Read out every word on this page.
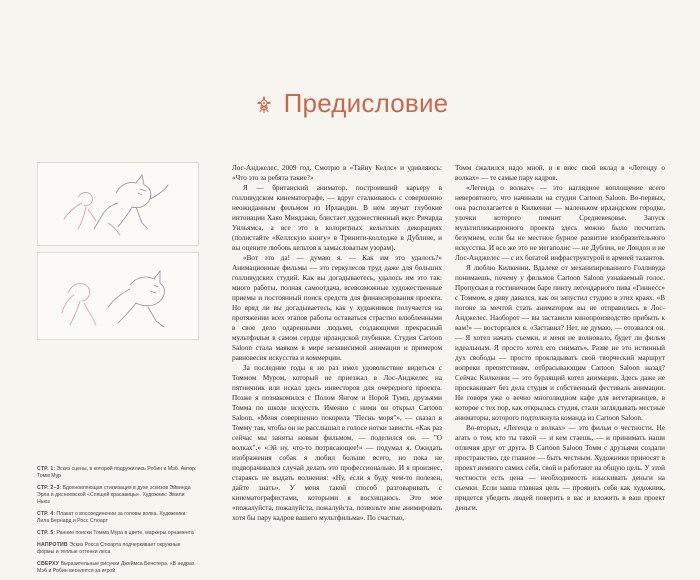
Предисловие

СТР. 1: Эскиз сцены, в которой подружились Робин и Мэб. Автор: Томм Мур

СТР. 2–3: Вдохновляющая стилизация в духе эскизов Эйвинда Эрла и диснеевской «Спящей красавицы». Художник: Эмили Ньюз

СТР. 4: Плакат о воссоединении за головы волка. Художники: Лила Бернард и Росс Стюарт

СТР. 5: Ранние поиски Томма Мура в цвете, маркеры орнамента

НАПРОТИВ Эскиз Росса Стюарта подчеркивает окружные формы и теплые оттенки леса

СВЕРХУ Выразительные рисунки Джеймса Бенстера. «В недрах Мэб и Робин веселятся за игрой

Лос-Анджелес, 2009 год. Смотрю в «Тайну Келлс» и удивляюсь: «Что это за ребята такие?»

Я — британский аниматор, построивший карьеру в голливудском кинематографе, — вдруг сталкиваюсь с совершенно неожиданным фильмом из Ирландии. В нем звучат глубокие интонации Хаяо Миядзаки, блистает художественный вкус Ричарда Уильямса, а все это в колоритных кельтских декорациях (полистайте «Келлскую книгу» в Тринити-колледже в Дублине, и вы оцените любовь кельтов к замысловатым узорам).

«Вот это да! — думаю я. — Как им это удалось?» Анимационные фильмы — это геркулесов труд даже для больших голливудских студий. Как вы догадываетесь, удалось им это так: много работы, полная самоотдача, всевозможные художественные приемы и постоянный поиск средств для финансирования проекта. Но вряд ли вы догадываетесь, как у художников получается на протяжении всех этапов работы оставаться страстно влюбленными в свое дело одаренными людьми, создающими прекрасный мультфильм в самом сердце ирландской глубинки. Студия Cartoon Saloon стала маяком в мире независимой анимации и примером равновесия искусства и коммерции.

За последние годы я не раз имел удовольствие видеться с Томмом Муром, который не приезжал в Лос-Анджелес на пятничник или искал здесь инвесторов для очередного проекта. Позже я познакомился с Полом Янгом и Норой Тумп, друзьями Томма по школе искусств. Именно с ними он открыл Cartoon Saloon. «Меня совершенно покорила "Песнь моря"», — сказал я Томму так, чтобы он не расслышал в голосе нотки зависти. «Как раз сейчас мы заняты новым фильмом, — поделился он. — "О волках".» «Эй ну, что-то потрясающее!» — подумал я. Ожидать изображения собак я любил больше всего, но пока не подворачивался случай делать это профессионально. И я произнес, стараясь не выдать волнения: «Ну, если я буду чем-то полезен, дайте знать». У меня такой способ разговаривать с кинематографистами, которыми я восхищаюсь. Это мое «пожалуйста, пожалуйста, пожалуйста, позвольте мне анимировать хотя бы пару кадров вашего мультфильма». По счастью,

Томм сжалился надо мной, и я внес свой вклад в «Легенду о волках» — те самые пару кадров.

«Легенда о волках» — это наглядное воплощение всего невероятного, что начинали на студии Cartoon Saloon. Во-первых, она располагается в Килкенни — маленьком ирландском городке, улочки которого помнит Средневековье. Запуск мультипликационного проекта здесь можно было посчитать безумием, если бы не местное бурное развитие изобразительного искусства. И все же это не мегаполис — не Дублин, не Лондон и не Лос-Анджелес — с их богатой инфраструктурой и армией талантов.

Я люблю Килкенни. Вдалеке от механизированного Голливуда понимаешь, почему у фильмов Cartoon Saloon узнаваемый голос. Пропуская в гостиничном баре пинту легендарного пива «Гиннесс» с Томмом, я диву давался, как он запустил студию в этих краях. «В погоне за мечтой стать аниматором вы не отправились в Лос-Анджелес. Наоборот — вы заставили кинопроизводство прибыть к вам!» — восторгался я. «Заставил? Нет, не думаю, — отозвался он. — Я хотел начать съемки, и меня не волновало, будет ли фильм идеальным. Я просто хотел его снимать». Разве не это истинный дух свободы — просто прокладывать свой творческий маршрут вопреки препятствиям, отбрасывающим Cartoon Saloon назад? Сейчас Килкенни — это бурлящий котел анимации. Здесь даже не проскакивает без дела студия и собственный фестиваль анимации. Не говоря уже о вечно многолюдном кафе для вегетарианцев, в которое с тех пор, как открылась студия, стали заглядывать местные аниматоры, которого подтолкнула команда из Cartoon Saloon.

Во-вторых, «Легенда о волках» — это фильм о честности. Не агать о том, кто ты такой — и кем стаешь, — и принимать наши отличия друг от друга. В Cartoon Saloon Томм с друзьями создали пространство, где главное — быть честным. Художники приносят в проект немного самих себя, свой и работают на общую цель. У этой честности есть цена — необходимость изыскивать деньги на съемки. Если наша главная цель — проявить себя как художник, придется убедить людей поверить в вас и вложить в ваш проект деньги.
